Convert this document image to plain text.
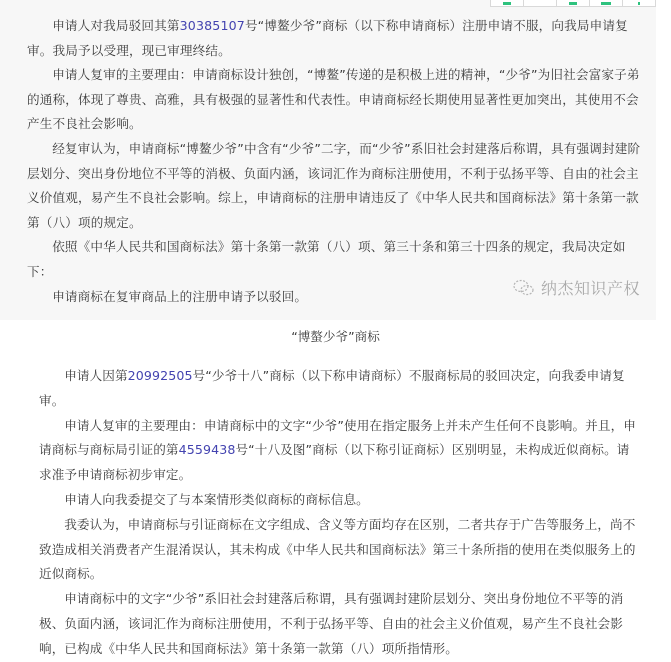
申请人对我局驳回其第30385107号“博鳌少爷”商标（以下称申请商标）注册申请不服，向我局申请复审。我局予以受理，现已审理终结。

申请人复审的主要理由：申请商标设计独创，“博鳌”传递的是积极上进的精神，“少爷”为旧社会富家子弟的通称，体现了尊贵、高雅，具有极强的显著性和代表性。申请商标经长期使用显著性更加突出，其使用不会产生不良社会影响。

经复审认为，申请商标“博鳌少爷”中含有“少爷”二字，而“少爷”系旧社会封建落后称谓，具有强调封建阶层划分、突出身份地位不平等的消极、负面内涵，该词汇作为商标注册使用，不利于弘扬平等、自由的社会主义价值观，易产生不良社会影响。综上，申请商标的注册申请违反了《中华人民共和国商标法》第十条第一款第（八）项的规定。

依照《中华人民共和国商标法》第十条第一款第（八）项、第三十条和第三十四条的规定，我局决定如下：

申请商标在复审商品上的注册申请予以驳回。	纳杰知识产权
“博螯少爷”商标

申请人因第20992505号“少爷十八”商标（以下称申请商标）不服商标局的驳回决定，向我委申请复审。

申请人复审的主要理由：申请商标中的文字“少爷”使用在指定服务上并未产生任何不良影响。并且，申请商标与商标局引证的第4559438号“十八及图”商标（以下称引证商标）区别明显，未构成近似商标。请求准予申请商标初步审定。

申请人向我委提交了与本案情形类似商标的商标信息。

我委认为，申请商标与引证商标在文字组成、含义等方面均存在区别，二者共存于广告等服务上，尚不致造成相关消费者产生混淆误认，其未构成《中华人民共和国商标法》第三十条所指的使用在类似服务上的近似商标。

申请商标中的文字“少爷”系旧社会封建落后称谓，具有强调封建阶层划分、突出身份地位不平等的消极、负面内涵，该词汇作为商标注册使用，不利于弘扬平等、自由的社会主义价值观，易产生不良社会影响，已构成《中华人民共和国商标法》第十条第一款第（八）项所指情形。
